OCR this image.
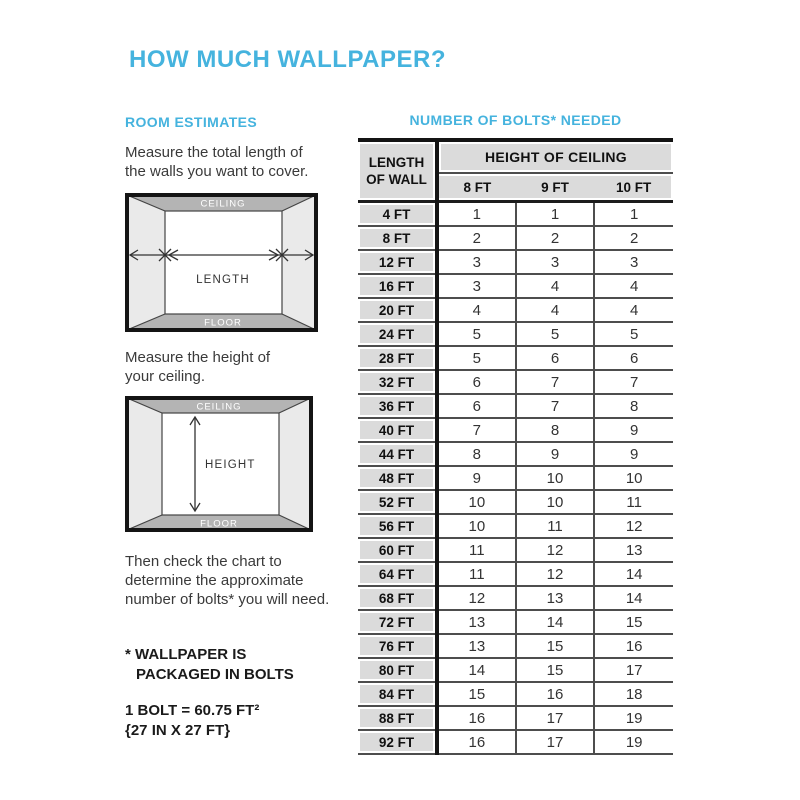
HOW MUCH WALLPAPER?
ROOM ESTIMATES

Measure the total length of
the walls you want to cover.

CEILING
FLOOR
LENGTH

Measure the height of
your ceiling.

CEILING
FLOOR
HEIGHT

Then check the chart to
determine the approximate
number of bolts* you will need.

* WALLPAPER IS
PACKAGED IN BOLTS
1 BOLT = 60.75 FT²
{27 IN X 27 FT}
NUMBER OF BOLTS* NEEDED
LENGTH
OF WALL	HEIGHT OF CEILING		
	8 FT	9 FT	10 FT
4 FT	1	1	1
8 FT	2	2	2
12 FT	3	3	3
16 FT	3	4	4
20 FT	4	4	4
24 FT	5	5	5
28 FT	5	6	6
32 FT	6	7	7
36 FT	6	7	8
40 FT	7	8	9
44 FT	8	9	9
48 FT	9	10	10
52 FT	10	10	11
56 FT	10	11	12
60 FT	11	12	13
64 FT	11	12	14
68 FT	12	13	14
72 FT	13	14	15
76 FT	13	15	16
80 FT	14	15	17
84 FT	15	16	18
88 FT	16	17	19
92 FT	16	17	19
